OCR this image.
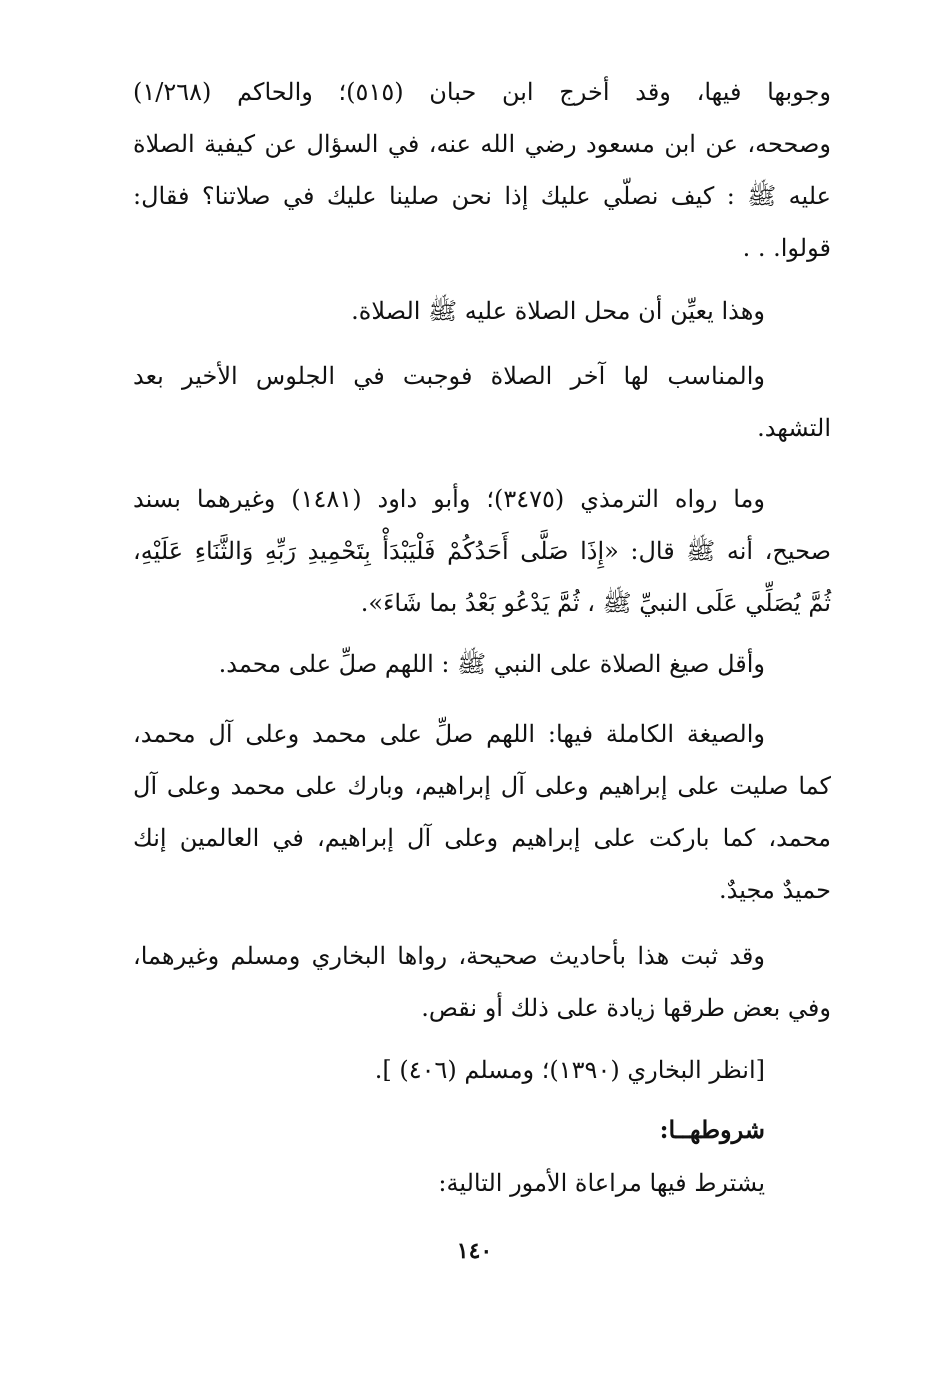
وجوبها فيها، وقد أخرج ابن حبان (٥١٥)؛ والحاكم (١/٢٦٨)
وصححه، عن ابن مسعود رضي الله عنه، في السؤال عن كيفية الصلاة
عليه ﷺ : كيف نصلّي عليك إذا نحن صلينا عليك في صلاتنا؟ فقال:
قولوا. . .
وهذا يعيِّن أن محل الصلاة عليه ﷺ الصلاة.
والمناسب لها آخر الصلاة فوجبت في الجلوس الأخير بعد
التشهد.
وما رواه الترمذي (٣٤٧٥)؛ وأبو داود (١٤٨١) وغيرهما بسند
صحيح، أنه ﷺ قال: «إِذَا صَلَّى أَحَدُكُمْ فَلْيَبْدَأْ بِتَحْمِيدِ رَبِّهِ وَالثَّنَاءِ عَلَيْهِ،
ثُمَّ يُصَلِّي عَلَى النبيِّ ﷺ ، ثُمَّ يَدْعُو بَعْدُ بما شَاءَ».
وأقل صيغ الصلاة على النبي ﷺ : اللهم صلِّ على محمد.
والصيغة الكاملة فيها: اللهم صلِّ على محمد وعلى آل محمد،
كما صليت على إبراهيم وعلى آل إبراهيم، وبارك على محمد وعلى آل
محمد، كما باركت على إبراهيم وعلى آل إبراهيم، في العالمين إنك
حميدٌ مجيدٌ.
وقد ثبت هذا بأحاديث صحيحة، رواها البخاري ومسلم وغيرهما،
وفي بعض طرقها زيادة على ذلك أو نقص.
[انظر البخاري (١٣٩٠)؛ ومسلم (٤٠٦) ].
شروطهــا:
يشترط فيها مراعاة الأمور التالية:
١٤٠
